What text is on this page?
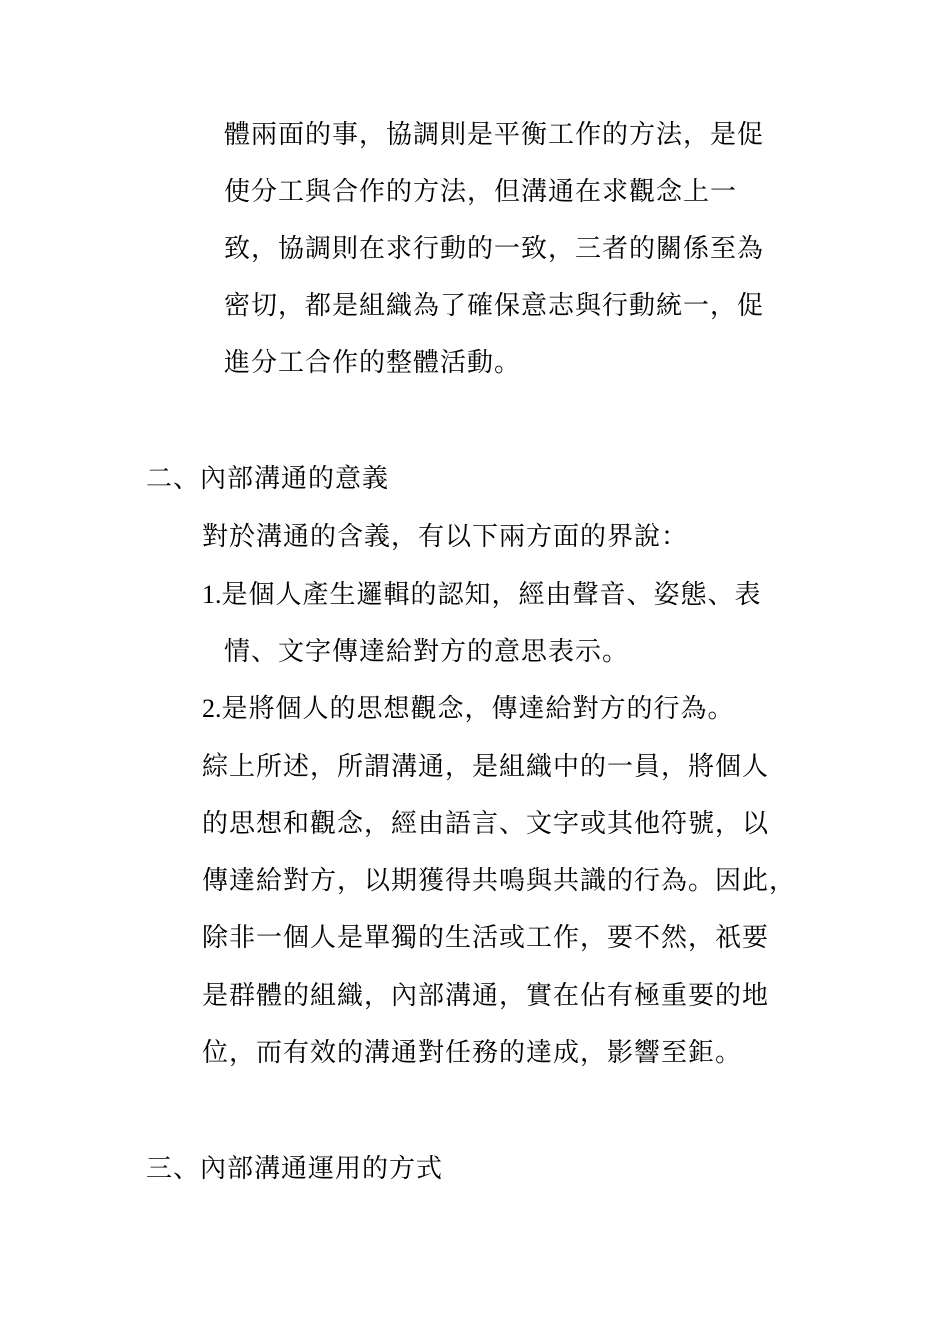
體兩面的事，協調則是平衡工作的方法，是促
使分工與合作的方法，但溝通在求觀念上一
致，協調則在求行動的一致，三者的關係至為
密切，都是組織為了確保意志與行動統一，促
進分工合作的整體活動。
二、內部溝通的意義
對於溝通的含義，有以下兩方面的界說：
1.是個人產生邏輯的認知，經由聲音、姿態、表
情、文字傳達給對方的意思表示。
2.是將個人的思想觀念，傳達給對方的行為。
綜上所述，所謂溝通，是組織中的一員，將個人
的思想和觀念，經由語言、文字或其他符號，以
傳達給對方，以期獲得共鳴與共識的行為。因此，
除非一個人是單獨的生活或工作，要不然，祇要
是群體的組織，內部溝通，實在佔有極重要的地
位，而有效的溝通對任務的達成，影響至鉅。
三、內部溝通運用的方式
